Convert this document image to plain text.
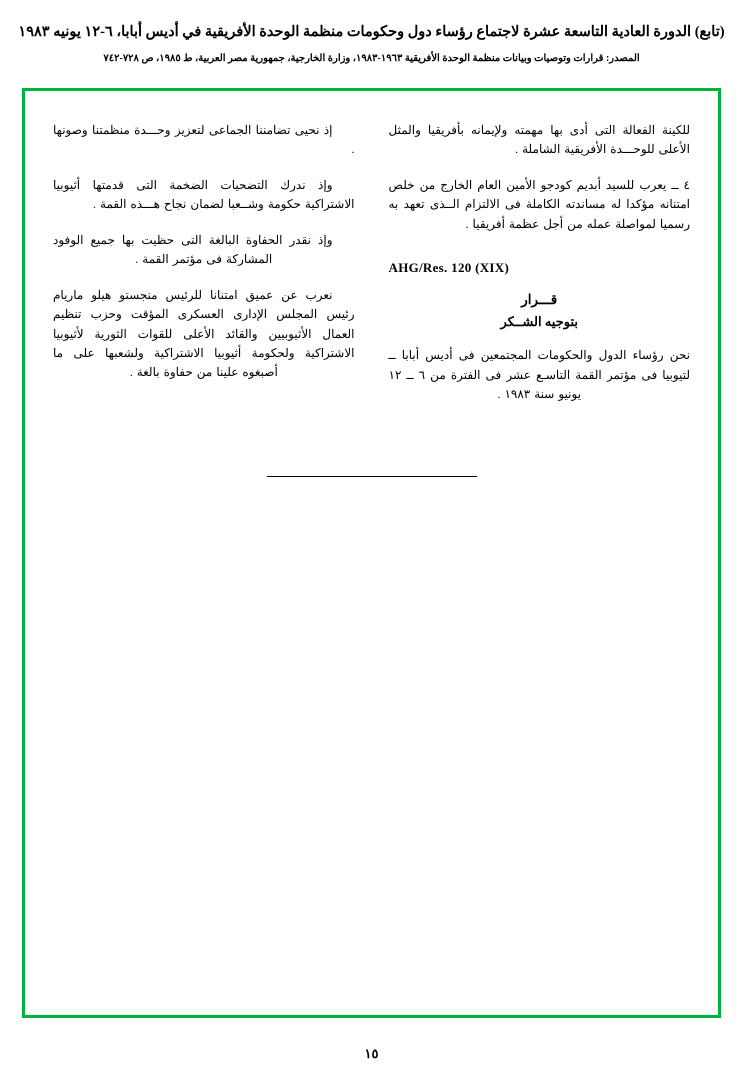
(تابع) الدورة العادية التاسعة عشرة لاجتماع رؤساء دول وحكومات منظمة الوحدة الأفريقية في أديس أبابا، ٦-١٢ يونيه ١٩٨٣
المصدر: قرارات وتوصيات وبيانات منظمة الوحدة الأفريقية ١٩٦٣-١٩٨٣، وزارة الخارجية، جمهورية مصر العربية، ط ١٩٨٥، ص ٧٢٨-٧٤٢

للكينة الفعالة التى أدى بها مهمته ولإيمانه بأفريقيا والمثل الأعلى للوحـــدة الأفريقية الشاملة .

٤ ــ يعرب للسيد أبديم كودجو الأمين العام الخارج من خلص امتنانه مؤكدا له مساندته الكاملة فى الالتزام الــذى تعهد به رسميا لمواصلة عمله من أجل عظمة أفريقيا .

AHG/Res. 120 (XIX)
قـــرار
بتوجيه الشــكر

نحن رؤساء الدول والحكومات المجتمعين فى أديس أبابا ــ لتيوبيا فى مؤتمر القمة التاسـع عشر فى الفترة من ٦ ــ ١٢ يونيو سنة ١٩٨٣ .

إذ نحيى تضامننا الجماعى لتعزيز وحـــدة منظمتنا وصونها .

وإذ ندرك التضحيات الضخمة التى قدمتها أثيوبيا الاشتراكية حكومة وشــعبا لضمان نجاح هـــذه القمة .

وإذ نقدر الحفاوة البالغة التى حظيت بها جميع الوفود المشاركة فى مؤتمر القمة .

نعرب عن عميق امتنانا للرئيس منجستو هيلو ماريام رئيس المجلس الإدارى العسكرى المؤقت وحزب تنظيم العمال الأثيوبيين والقائد الأعلى للقوات الثورية لأثيوبيا الاشتراكية ولحكومة أثيوبيا الاشتراكية ولشعبها على ما أصبغوه علينا من حفاوة بالغة .

١٥
